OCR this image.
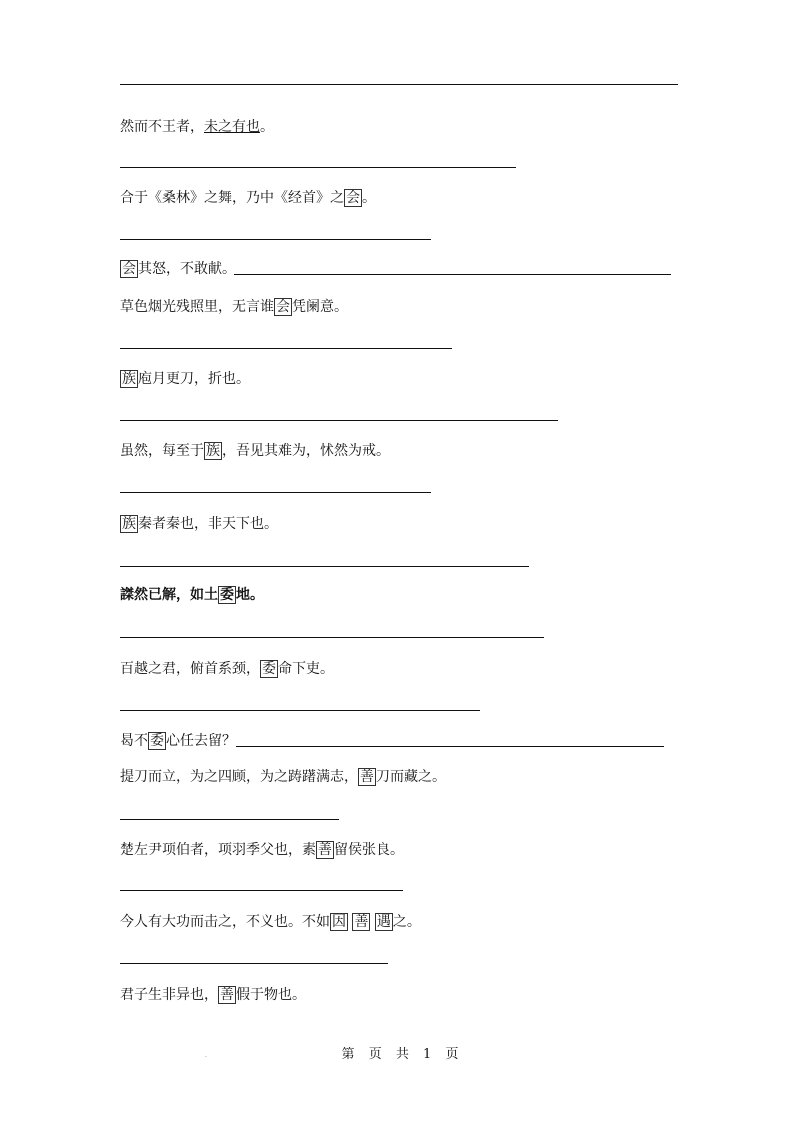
然而不王者，未之有也。
合于《桑林》之舞，乃中《经首》之 会 。
会 其怒，不敢献。
草色烟光残照里，无言谁 会 凭阑意。
族 庖月更刀，折也。
虽然，每至于 族 ，吾见其难为，怵然为戒。
族 秦者秦也，非天下也。
謋然已解，如土 委 地。
百越之君，俯首系颈， 委 命下吏。
曷不 委 心任去留？
提刀而立，为之四顾，为之踌躇满志， 善 刀而藏之。
楚左尹项伯者，项羽季父也，素 善 留侯张良。
今人有大功而击之，不义也。不如 因 善 遇 之。
君子生非异也， 善 假于物也。
.	第 页 共 1 页
